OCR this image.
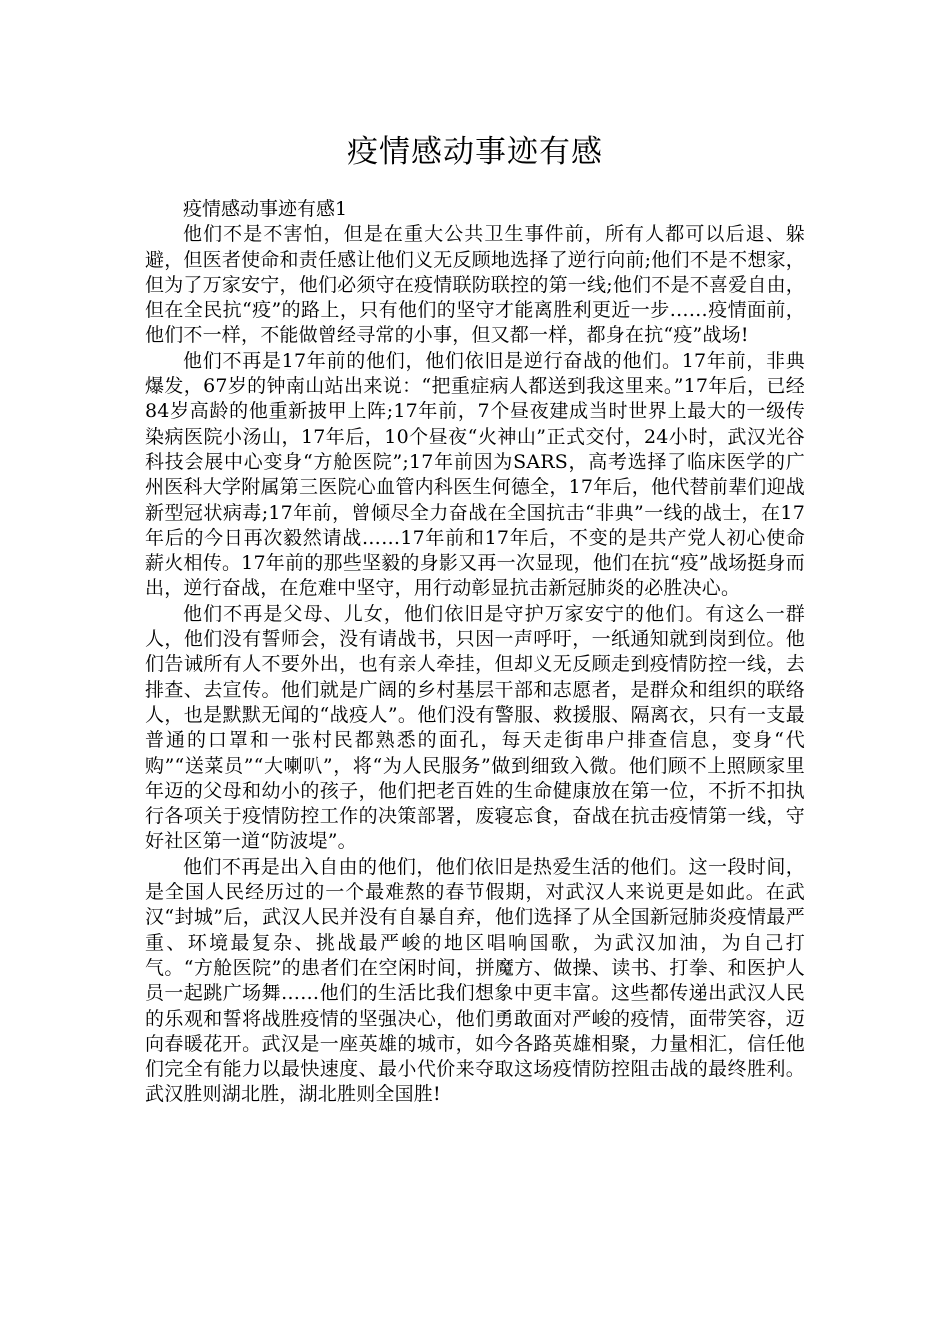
疫情感动事迹有感

疫情感动事迹有感1

他们不是不害怕，但是在重大公共卫生事件前，所有人都可以后退、躲避，但医者使命和责任感让他们义无反顾地选择了逆行向前;他们不是不想家，但为了万家安宁，他们必须守在疫情联防联控的第一线;他们不是不喜爱自由，但在全民抗“疫”的路上，只有他们的坚守才能离胜利更近一步……疫情面前，他们不一样，不能做曾经寻常的小事，但又都一样，都身在抗“疫”战场!

他们不再是17年前的他们，他们依旧是逆行奋战的他们。17年前，非典爆发，67岁的钟南山站出来说：“把重症病人都送到我这里来。”17年后，已经84岁高龄的他重新披甲上阵;17年前，7个昼夜建成当时世界上最大的一级传染病医院小汤山，17年后，10个昼夜“火神山”正式交付，24小时，武汉光谷科技会展中心变身“方舱医院”;17年前因为SARS，高考选择了临床医学的广州医科大学附属第三医院心血管内科医生何德全，17年后，他代替前辈们迎战新型冠状病毒;17年前，曾倾尽全力奋战在全国抗击“非典”一线的战士，在17年后的今日再次毅然请战……17年前和17年后，不变的是共产党人初心使命薪火相传。17年前的那些坚毅的身影又再一次显现，他们在抗“疫”战场挺身而出，逆行奋战，在危难中坚守，用行动彰显抗击新冠肺炎的必胜决心。

他们不再是父母、儿女，他们依旧是守护万家安宁的他们。有这么一群人，他们没有誓师会，没有请战书，只因一声呼吁，一纸通知就到岗到位。他们告诫所有人不要外出，也有亲人牵挂，但却义无反顾走到疫情防控一线，去排查、去宣传。他们就是广阔的乡村基层干部和志愿者，是群众和组织的联络人，也是默默无闻的“战疫人”。他们没有警服、救援服、隔离衣，只有一支最普通的口罩和一张村民都熟悉的面孔，每天走街串户排查信息，变身“代购”“送菜员”“大喇叭”，将“为人民服务”做到细致入微。他们顾不上照顾家里年迈的父母和幼小的孩子，他们把老百姓的生命健康放在第一位，不折不扣执行各项关于疫情防控工作的决策部署，废寝忘食，奋战在抗击疫情第一线，守好社区第一道“防波堤”。

他们不再是出入自由的他们，他们依旧是热爱生活的他们。这一段时间，是全国人民经历过的一个最难熬的春节假期，对武汉人来说更是如此。在武汉“封城”后，武汉人民并没有自暴自弃，他们选择了从全国新冠肺炎疫情最严重、环境最复杂、挑战最严峻的地区唱响国歌，为武汉加油，为自己打气。“方舱医院”的患者们在空闲时间，拼魔方、做操、读书、打拳、和医护人员一起跳广场舞……他们的生活比我们想象中更丰富。这些都传递出武汉人民的乐观和誓将战胜疫情的坚强决心，他们勇敢面对严峻的疫情，面带笑容，迈向春暖花开。武汉是一座英雄的城市，如今各路英雄相聚，力量相汇，信任他们完全有能力以最快速度、最小代价来夺取这场疫情防控阻击战的最终胜利。武汉胜则湖北胜，湖北胜则全国胜!
